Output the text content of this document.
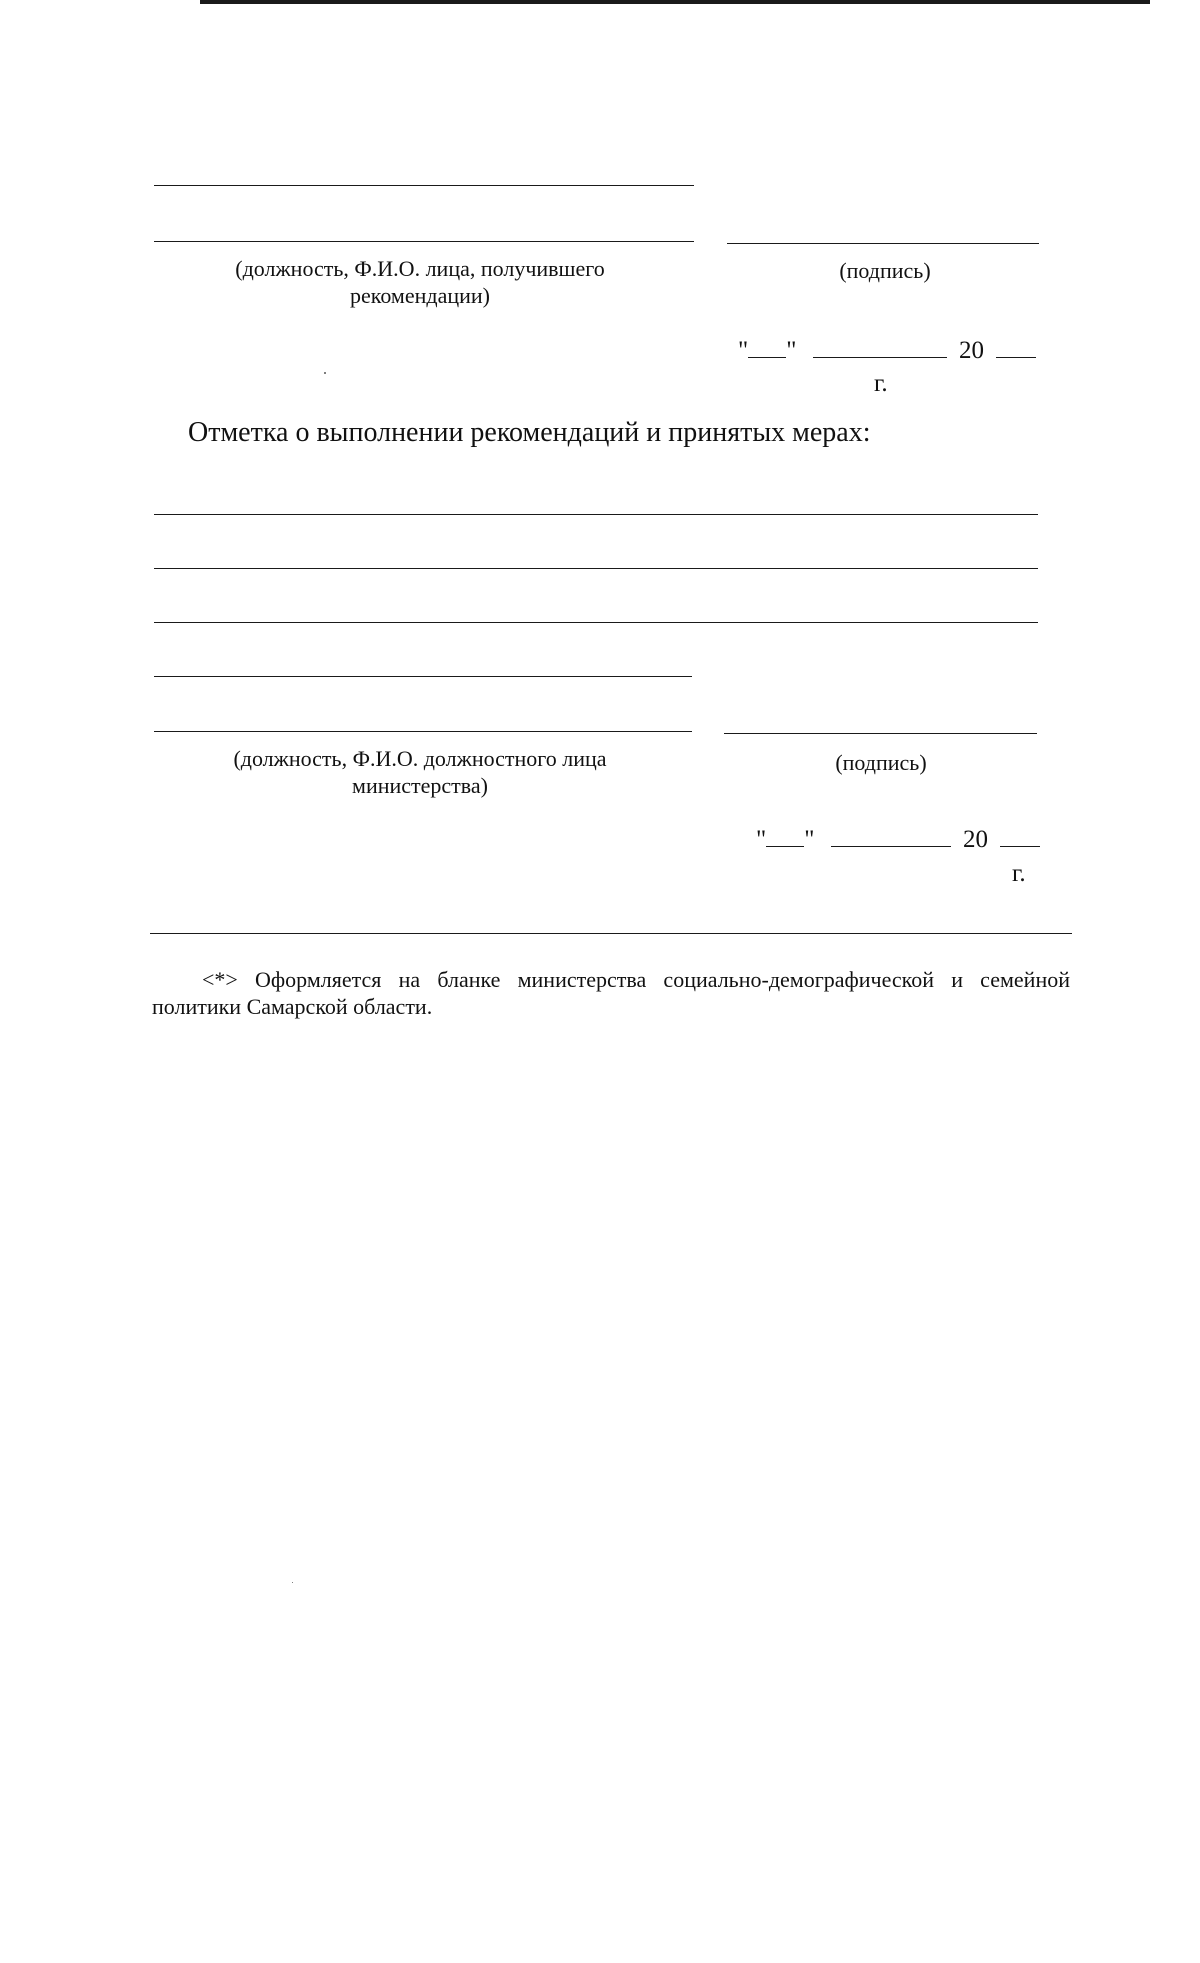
(должность, Ф.И.О. лица, получившего рекомендации)
(подпись)
" "	20
г.
Отметка о выполнении рекомендаций и принятых мерах:
(должность, Ф.И.О. должностного лица министерства)
(подпись)
" "	20
г.
<*> Оформляется на бланке министерства социально-демографической и семейной политики Самарской области.
